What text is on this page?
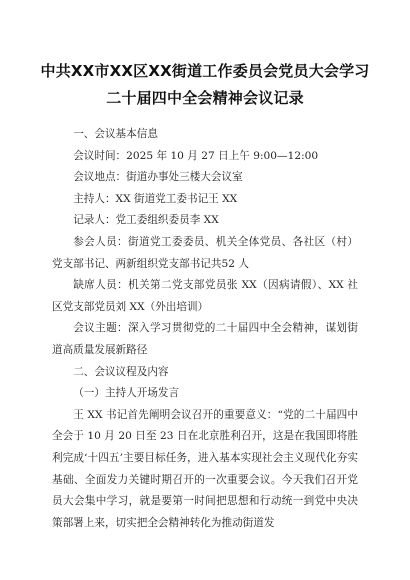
中共XX市XX区XX街道工作委员会党员大会学习二十届四中全会精神会议记录

一、会议基本信息

会议时间：2025 年 10 月 27 日上午 9:00—12:00

会议地点：街道办事处三楼大会议室

主持人：XX 街道党工委书记王 XX

记录人：党工委组织委员李 XX

参会人员：街道党工委委员、机关全体党员、各社区（村）党支部书记、两新组织党支部书记共52 人

缺席人员：机关第二党支部党员张 XX（因病请假）、XX 社区党支部党员刘 XX（外出培训）

会议主题：深入学习贯彻党的二十届四中全会精神，谋划街道高质量发展新路径

二、会议议程及内容

（一）主持人开场发言

王 XX 书记首先阐明会议召开的重要意义：“党的二十届四中全会于 10 月 20 日至 23 日在北京胜利召开，这是在我国即将胜利完成‘十四五’主要目标任务，进入基本实现社会主义现代化夯实基础、全面发力关键时期召开的一次重要会议。今天我们召开党员大会集中学习，就是要第一时间把思想和行动统一到党中央决策部署上来，切实把全会精神转化为推动街道发
